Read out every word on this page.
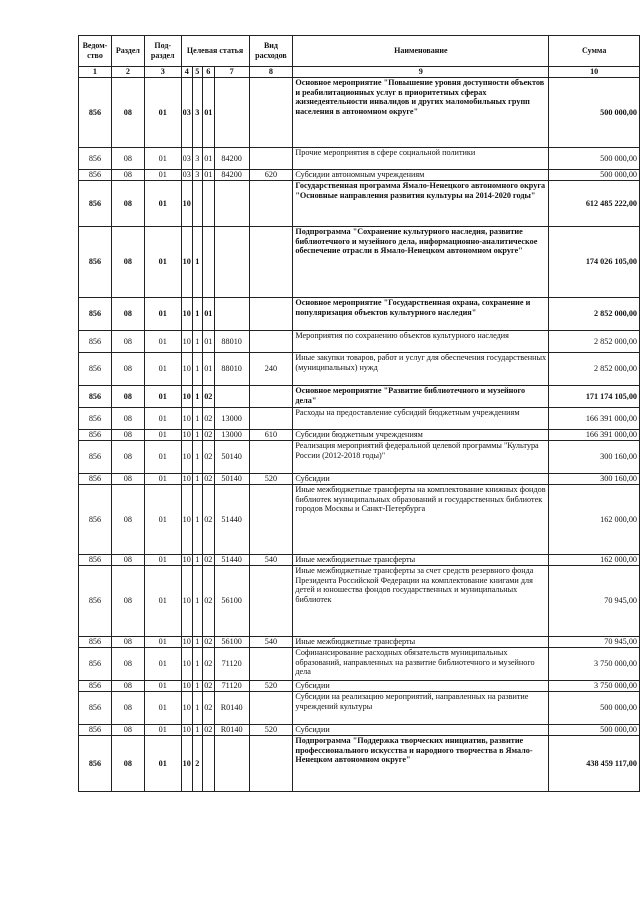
Ведом-ство	Раздел	Под-раздел	Целевая статья				Вид расходов	Наименование	Сумма
1	2	3	4	5	6	7	8	9	10
856	08	01	03	3	01			Основное мероприятие "Повышение уровня доступности объектов и реабилитационных услуг в приоритетных сферах жизнедеятельности инвалидов и других маломобильных групп населения в автономном округе"	500 000,00
856	08	01	03	3	01	84200		Прочие мероприятия в сфере социальной политики	500 000,00
856	08	01	03	3	01	84200	620	Субсидии автономным учреждениям	500 000,00
856	08	01	10					Государственная программа Ямало-Ненецкого автономного округа "Основные направления развития культуры на 2014-2020 годы"	612 485 222,00
856	08	01	10	1				Подпрограмма "Сохранение культурного наследия, развитие библиотечного и музейного дела, информационно-аналитическое обеспечение отрасли в Ямало-Ненецком автономном округе"	174 026 105,00
856	08	01	10	1	01			Основное мероприятие "Государственная охрана, сохранение и популяризация объектов культурного наследия"	2 852 000,00
856	08	01	10	1	01	88010		Мероприятия по сохранению объектов культурного наследия	2 852 000,00
856	08	01	10	1	01	88010	240	Иные закупки товаров, работ и услуг для обеспечения государственных (муниципальных) нужд	2 852 000,00
856	08	01	10	1	02			Основное мероприятие "Развитие библиотечного и музейного дела"	171 174 105,00
856	08	01	10	1	02	13000		Расходы на предоставление субсидий бюджетным учреждениям	166 391 000,00
856	08	01	10	1	02	13000	610	Субсидии бюджетным учреждениям	166 391 000,00
856	08	01	10	1	02	50140		Реализация мероприятий федеральной целевой программы "Культура России (2012-2018 годы)"	300 160,00
856	08	01	10	1	02	50140	520	Субсидии	300 160,00
856	08	01	10	1	02	51440		Иные межбюджетные трансферты на комплектование книжных фондов библиотек муниципальных образований и государственных библиотек городов Москвы и Санкт-Петербурга	162 000,00
856	08	01	10	1	02	51440	540	Иные межбюджетные трансферты	162 000,00
856	08	01	10	1	02	56100		Иные межбюджетные трансферты за счет средств резервного фонда Президента Российской Федерации на комплектование книгами для детей и юношества фондов государственных и муниципальных библиотек	70 945,00
856	08	01	10	1	02	56100	540	Иные межбюджетные трансферты	70 945,00
856	08	01	10	1	02	71120		Софинансирование расходных обязательств муниципальных образований, направленных на развитие библиотечного и музейного дела	3 750 000,00
856	08	01	10	1	02	71120	520	Субсидии	3 750 000,00
856	08	01	10	1	02	R0140		Субсидии на реализацию мероприятий, направленных на развитие учреждений культуры	500 000,00
856	08	01	10	1	02	R0140	520	Субсидии	500 000,00
856	08	01	10	2				Подпрограмма "Поддержка творческих инициатив, развитие профессионального искусства и народного творчества в Ямало-Ненецком автономном округе"	438 459 117,00
